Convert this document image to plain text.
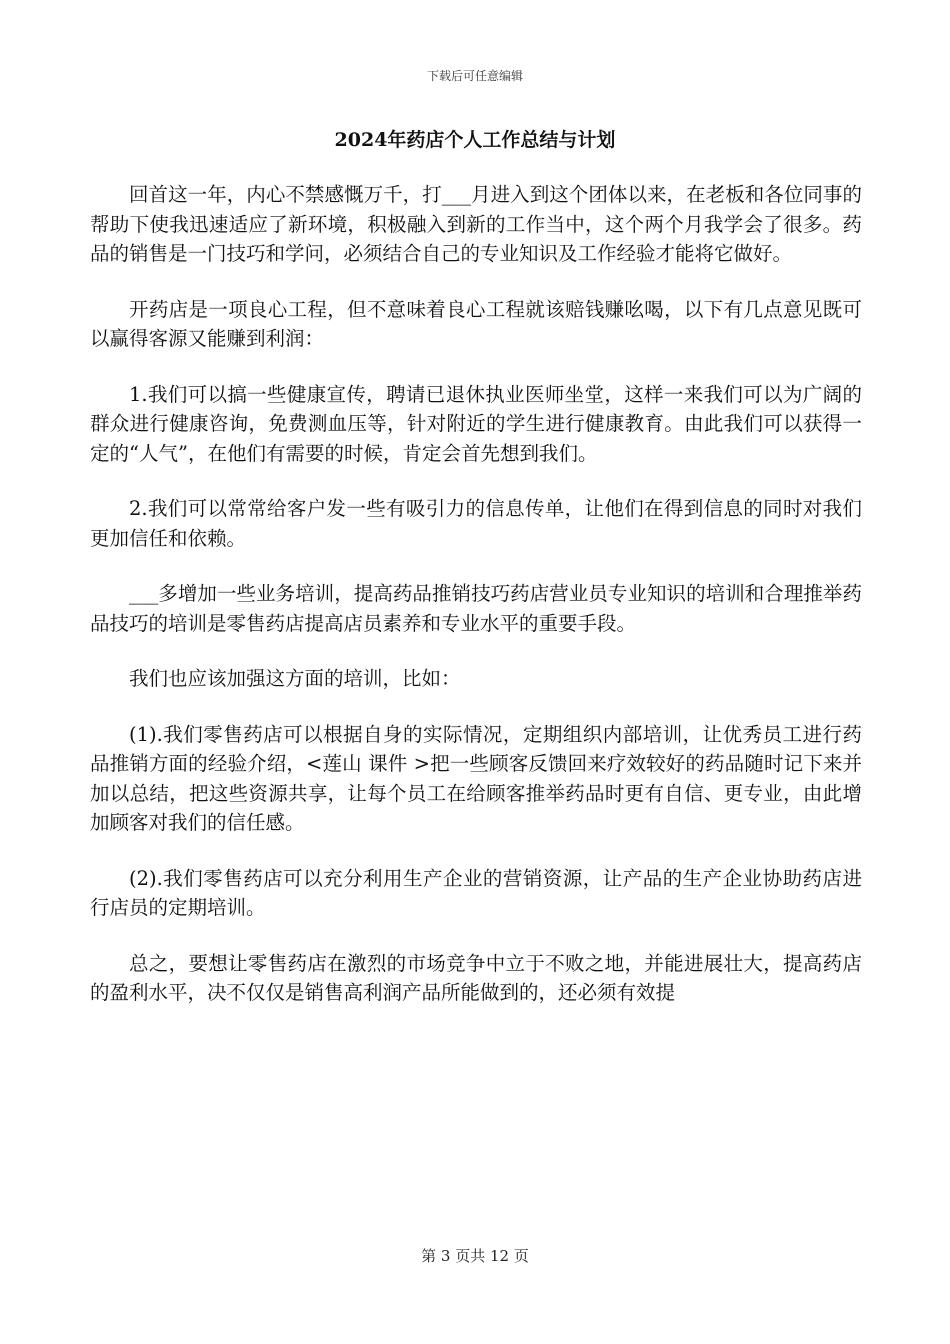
下载后可任意编辑
2024年药店个人工作总结与计划

回首这一年，内心不禁感慨万千，打___月进入到这个团体以来，在老板和各位同事的帮助下使我迅速适应了新环境，积极融入到新的工作当中，这个两个月我学会了很多。药品的销售是一门技巧和学问，必须结合自己的专业知识及工作经验才能将它做好。

开药店是一项良心工程，但不意味着良心工程就该赔钱赚吆喝，以下有几点意见既可以赢得客源又能赚到利润：

1.我们可以搞一些健康宣传，聘请已退休执业医师坐堂，这样一来我们可以为广阔的群众进行健康咨询，免费测血压等，针对附近的学生进行健康教育。由此我们可以获得一定的“人气”，在他们有需要的时候，肯定会首先想到我们。

2.我们可以常常给客户发一些有吸引力的信息传单，让他们在得到信息的同时对我们更加信任和依赖。

___多增加一些业务培训，提高药品推销技巧药店营业员专业知识的培训和合理推举药品技巧的培训是零售药店提高店员素养和专业水平的重要手段。

我们也应该加强这方面的培训，比如：

(1).我们零售药店可以根据自身的实际情况，定期组织内部培训，让优秀员工进行药品推销方面的经验介绍，<莲山 课件 >把一些顾客反馈回来疗效较好的药品随时记下来并加以总结，把这些资源共享，让每个员工在给顾客推举药品时更有自信、更专业，由此增加顾客对我们的信任感。

(2).我们零售药店可以充分利用生产企业的营销资源，让产品的生产企业协助药店进行店员的定期培训。

总之，要想让零售药店在激烈的市场竞争中立于不败之地，并能进展壮大，提高药店的盈利水平，决不仅仅是销售高利润产品所能做到的，还必须有效提

第 3 页共 12 页
